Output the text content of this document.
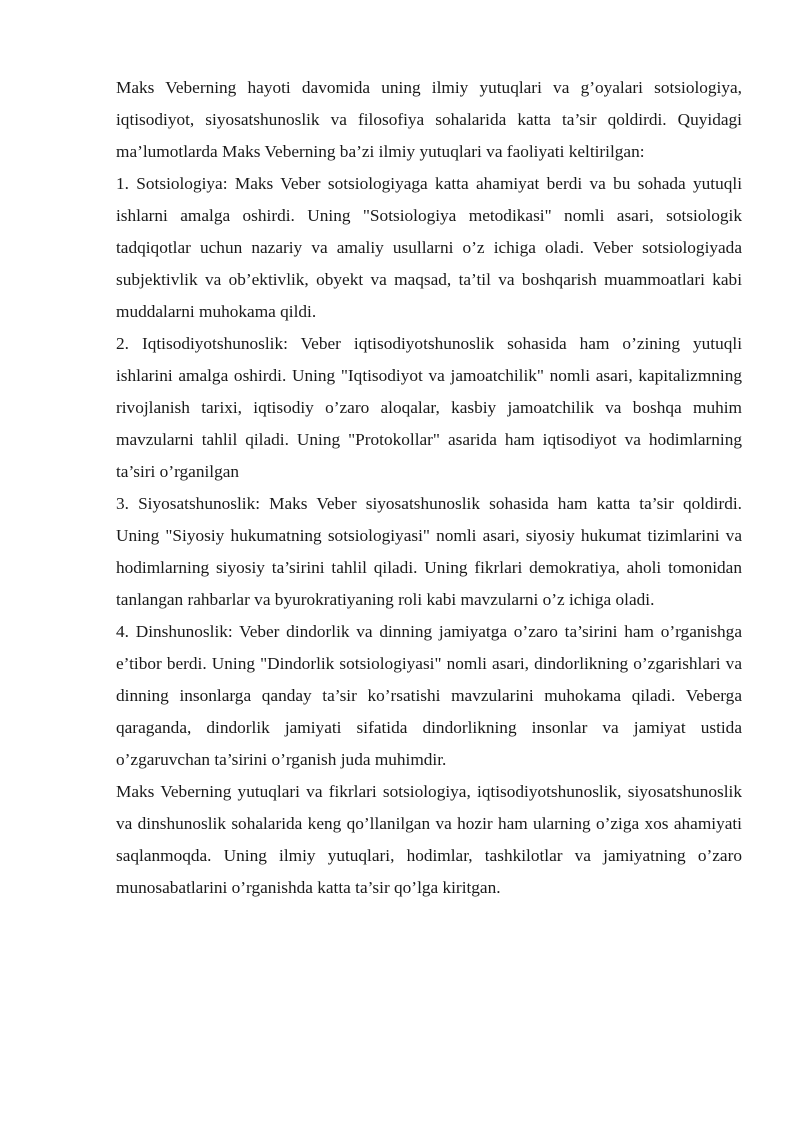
Maks Veberning hayoti davomida uning ilmiy yutuqlari va g’oyalari sotsiologiya, iqtisodiyot, siyosatshunoslik va filosofiya sohalarida katta ta’sir qoldirdi. Quyidagi ma’lumotlarda Maks Veberning ba’zi ilmiy yutuqlari va faoliyati keltirilgan:

1. Sotsiologiya: Maks Veber sotsiologiyaga katta ahamiyat berdi va bu sohada yutuqli ishlarni amalga oshirdi. Uning "Sotsiologiya metodikasi" nomli asari, sotsiologik tadqiqotlar uchun nazariy va amaliy usullarni o’z ichiga oladi. Veber sotsiologiyada subjektivlik va ob’ektivlik, obyekt va maqsad, ta’til va boshqarish muammoatlari kabi muddalarni muhokama qildi.

2. Iqtisodiyotshunoslik: Veber iqtisodiyotshunoslik sohasida ham o’zining yutuqli ishlarini amalga oshirdi. Uning "Iqtisodiyot va jamoatchilik" nomli asari, kapitalizmning rivojlanish tarixi, iqtisodiy o’zaro aloqalar, kasbiy jamoatchilik va boshqa muhim mavzularni tahlil qiladi. Uning "Protokollar" asarida ham iqtisodiyot va hodimlarning ta’siri o’rganilgan

3. Siyosatshunoslik: Maks Veber siyosatshunoslik sohasida ham katta ta’sir qoldirdi. Uning "Siyosiy hukumatning sotsiologiyasi" nomli asari, siyosiy hukumat tizimlarini va hodimlarning siyosiy ta’sirini tahlil qiladi. Uning fikrlari demokratiya, aholi tomonidan tanlangan rahbarlar va byurokratiyaning roli kabi mavzularni o’z ichiga oladi.

4. Dinshunoslik: Veber dindorlik va dinning jamiyatga o’zaro ta’sirini ham o’rganishga e’tibor berdi. Uning "Dindorlik sotsiologiyasi" nomli asari, dindorlikning o’zgarishlari va dinning insonlarga qanday ta’sir ko’rsatishi mavzularini muhokama qiladi. Veberga qaraganda, dindorlik jamiyati sifatida dindorlikning insonlar va jamiyat ustida o’zgaruvchan ta’sirini o’rganish juda muhimdir.

Maks Veberning yutuqlari va fikrlari sotsiologiya, iqtisodiyotshunoslik, siyosatshunoslik va dinshunoslik sohalarida keng qo’llanilgan va hozir ham ularning o’ziga xos ahamiyati saqlanmoqda. Uning ilmiy yutuqlari, hodimlar, tashkilotlar va jamiyatning o’zaro munosabatlarini o’rganishda katta ta’sir qo’lga kiritgan.
